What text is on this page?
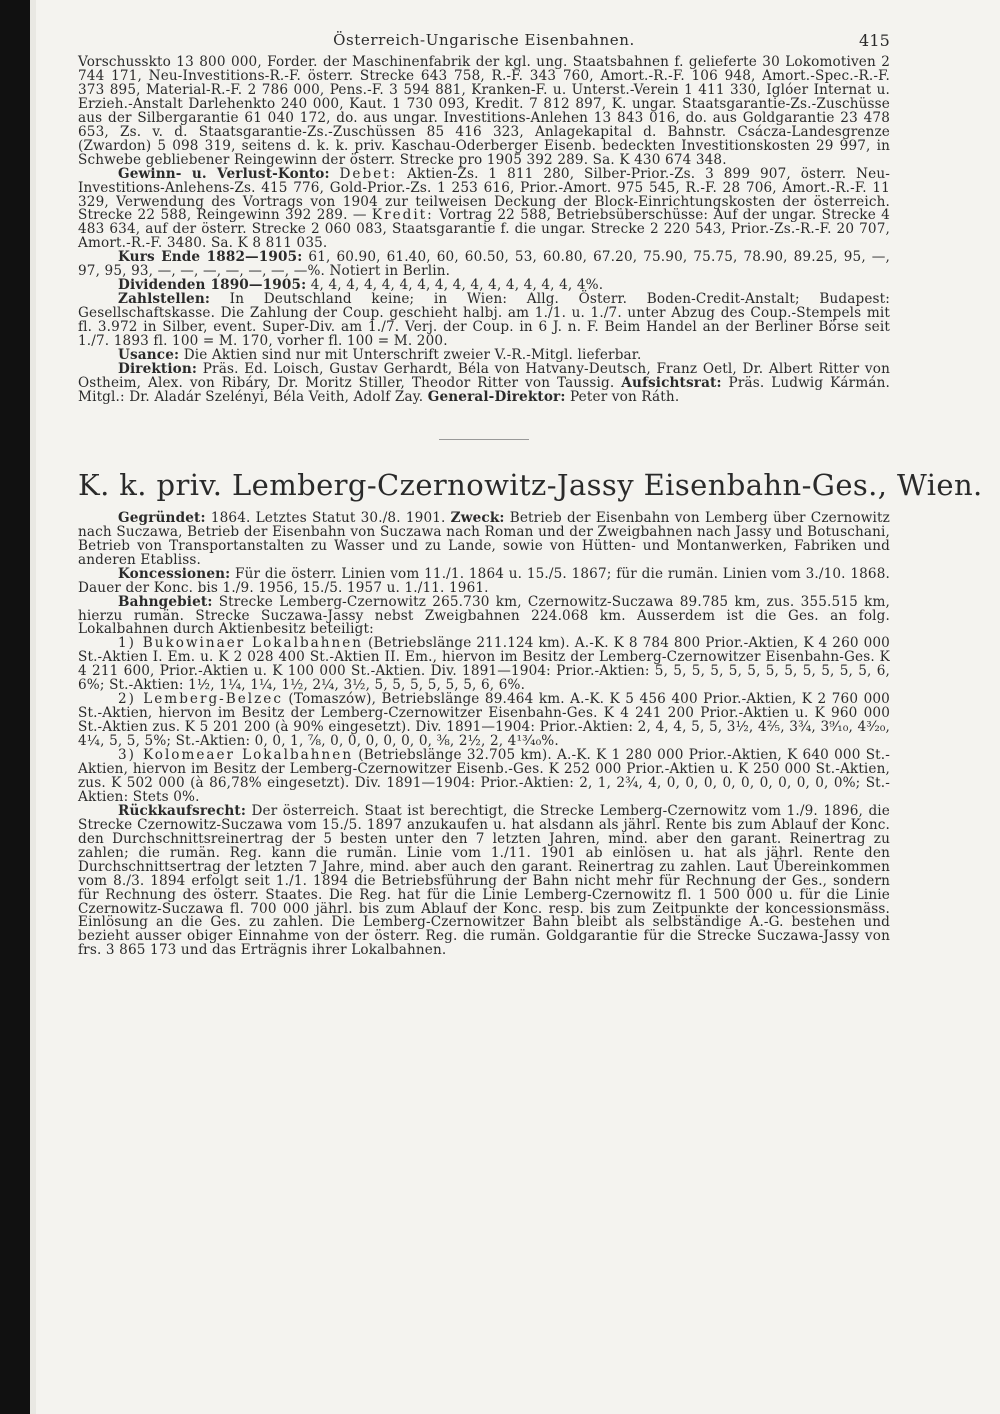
Österreich-Ungarische Eisenbahnen.	415

Vorschusskto 13 800 000, Forder. der Maschinenfabrik der kgl. ung. Staatsbahnen f. gelieferte 30 Lokomotiven 2 744 171, Neu-Investitions-R.-F. österr. Strecke 643 758, R.-F. 343 760, Amort.-R.-F. 106 948, Amort.-Spec.-R.-F. 373 895, Material-R.-F. 2 786 000, Pens.-F. 3 594 881, Kranken-F. u. Unterst.-Verein 1 411 330, Iglóer Internat u. Erzieh.-Anstalt Darlehenkto 240 000, Kaut. 1 730 093, Kredit. 7 812 897, K. ungar. Staatsgarantie-Zs.-Zuschüsse aus der Silbergarantie 61 040 172, do. aus ungar. Investitions-Anlehen 13 843 016, do. aus Goldgarantie 23 478 653, Zs. v. d. Staatsgarantie-Zs.-Zuschüssen 85 416 323, Anlagekapital d. Bahnstr. Csácza-Landesgrenze (Zwardon) 5 098 319, seitens d. k. k. priv. Kaschau-Oderberger Eisenb. bedeckten Investitionskosten 29 997, in Schwebe gebliebener Reingewinn der österr. Strecke pro 1905 392 289. Sa. K 430 674 348.

Gewinn- u. Verlust-Konto: Debet: Aktien-Zs. 1 811 280, Silber-Prior.-Zs. 3 899 907, österr. Neu-Investitions-Anlehens-Zs. 415 776, Gold-Prior.-Zs. 1 253 616, Prior.-Amort. 975 545, R.-F. 28 706, Amort.-R.-F. 11 329, Verwendung des Vortrags von 1904 zur teilweisen Deckung der Block-Einrichtungskosten der österreich. Strecke 22 588, Reingewinn 392 289. — Kredit: Vortrag 22 588, Betriebsüberschüsse: Auf der ungar. Strecke 4 483 634, auf der österr. Strecke 2 060 083, Staatsgarantie f. die ungar. Strecke 2 220 543, Prior.-Zs.-R.-F. 20 707, Amort.-R.-F. 3480. Sa. K 8 811 035.

Kurs Ende 1882—1905: 61, 60.90, 61.40, 60, 60.50, 53, 60.80, 67.20, 75.90, 75.75, 78.90, 89.25, 95, —, 97, 95, 93, —, —, —, —, —, —, —%. Notiert in Berlin.

Dividenden 1890—1905: 4, 4, 4, 4, 4, 4, 4, 4, 4, 4, 4, 4, 4, 4, 4, 4%.

Zahlstellen: In Deutschland keine; in Wien: Allg. Österr. Boden-Credit-Anstalt; Budapest: Gesellschaftskasse. Die Zahlung der Coup. geschieht halbj. am 1./1. u. 1./7. unter Abzug des Coup.-Stempels mit fl. 3.972 in Silber, event. Super-Div. am 1./7. Verj. der Coup. in 6 J. n. F. Beim Handel an der Berliner Börse seit 1./7. 1893 fl. 100 = M. 170, vorher fl. 100 = M. 200.

Usance: Die Aktien sind nur mit Unterschrift zweier V.-R.-Mitgl. lieferbar.

Direktion: Präs. Ed. Loisch, Gustav Gerhardt, Béla von Hatvany-Deutsch, Franz Oetl, Dr. Albert Ritter von Ostheim, Alex. von Ribáry, Dr. Moritz Stiller, Theodor Ritter von Taussig. Aufsichtsrat: Präs. Ludwig Kármán. Mitgl.: Dr. Aladár Szelényi, Béla Veith, Adolf Zay. General-Direktor: Peter von Ráth.

K. k. priv. Lemberg-Czernowitz-Jassy Eisenbahn-Ges., Wien.

Gegründet: 1864. Letztes Statut 30./8. 1901. Zweck: Betrieb der Eisenbahn von Lemberg über Czernowitz nach Suczawa, Betrieb der Eisenbahn von Suczawa nach Roman und der Zweigbahnen nach Jassy und Botuschani, Betrieb von Transportanstalten zu Wasser und zu Lande, sowie von Hütten- und Montanwerken, Fabriken und anderen Etabliss.

Koncessionen: Für die österr. Linien vom 11./1. 1864 u. 15./5. 1867; für die rumän. Linien vom 3./10. 1868. Dauer der Konc. bis 1./9. 1956, 15./5. 1957 u. 1./11. 1961.

Bahngebiet: Strecke Lemberg-Czernowitz 265.730 km, Czernowitz-Suczawa 89.785 km, zus. 355.515 km, hierzu rumän. Strecke Suczawa-Jassy nebst Zweigbahnen 224.068 km. Ausserdem ist die Ges. an folg. Lokalbahnen durch Aktienbesitz beteiligt:

1) Bukowinaer Lokalbahnen (Betriebslänge 211.124 km). A.-K. K 8 784 800 Prior.-Aktien, K 4 260 000 St.-Aktien I. Em. u. K 2 028 400 St.-Aktien II. Em., hiervon im Besitz der Lemberg-Czernowitzer Eisenbahn-Ges. K 4 211 600, Prior.-Aktien u. K 100 000 St.-Aktien. Div. 1891—1904: Prior.-Aktien: 5, 5, 5, 5, 5, 5, 5, 5, 5, 5, 5, 5, 6, 6%; St.-Aktien: 1½, 1¼, 1¼, 1½, 2¼, 3½, 5, 5, 5, 5, 5, 5, 6, 6%.

2) Lemberg-Belzec (Tomaszów), Betriebslänge 89.464 km. A.-K. K 5 456 400 Prior.-Aktien, K 2 760 000 St.-Aktien, hiervon im Besitz der Lemberg-Czernowitzer Eisenbahn-Ges. K 4 241 200 Prior.-Aktien u. K 960 000 St.-Aktien zus. K 5 201 200 (à 90% eingesetzt). Div. 1891—1904: Prior.-Aktien: 2, 4, 4, 5, 5, 3½, 4⅖, 3¾, 3⁹⁄₁₀, 4³⁄₂₀, 4¼, 5, 5, 5%; St.-Aktien: 0, 0, 1, ⅞, 0, 0, 0, 0, 0, 0, ⅜, 2½, 2, 4¹³⁄₄₀%.

3) Kolomeaer Lokalbahnen (Betriebslänge 32.705 km). A.-K. K 1 280 000 Prior.-Aktien, K 640 000 St.-Aktien, hiervon im Besitz der Lemberg-Czernowitzer Eisenb.-Ges. K 252 000 Prior.-Aktien u. K 250 000 St.-Aktien, zus. K 502 000 (à 86,78% eingesetzt). Div. 1891—1904: Prior.-Aktien: 2, 1, 2¾, 4, 0, 0, 0, 0, 0, 0, 0, 0, 0, 0%; St.-Aktien: Stets 0%.

Rückkaufsrecht: Der österreich. Staat ist berechtigt, die Strecke Lemberg-Czernowitz vom 1./9. 1896, die Strecke Czernowitz-Suczawa vom 15./5. 1897 anzukaufen u. hat alsdann als jährl. Rente bis zum Ablauf der Konc. den Durchschnittsreinertrag der 5 besten unter den 7 letzten Jahren, mind. aber den garant. Reinertrag zu zahlen; die rumän. Reg. kann die rumän. Linie vom 1./11. 1901 ab einlösen u. hat als jährl. Rente den Durchschnittsertrag der letzten 7 Jahre, mind. aber auch den garant. Reinertrag zu zahlen. Laut Übereinkommen vom 8./3. 1894 erfolgt seit 1./1. 1894 die Betriebsführung der Bahn nicht mehr für Rechnung der Ges., sondern für Rechnung des österr. Staates. Die Reg. hat für die Linie Lemberg-Czernowitz fl. 1 500 000 u. für die Linie Czernowitz-Suczawa fl. 700 000 jährl. bis zum Ablauf der Konc. resp. bis zum Zeitpunkte der koncessionsmäss. Einlösung an die Ges. zu zahlen. Die Lemberg-Czernowitzer Bahn bleibt als selbständige A.-G. bestehen und bezieht ausser obiger Einnahme von der österr. Reg. die rumän. Goldgarantie für die Strecke Suczawa-Jassy von frs. 3 865 173 und das Erträgnis ihrer Lokalbahnen.
